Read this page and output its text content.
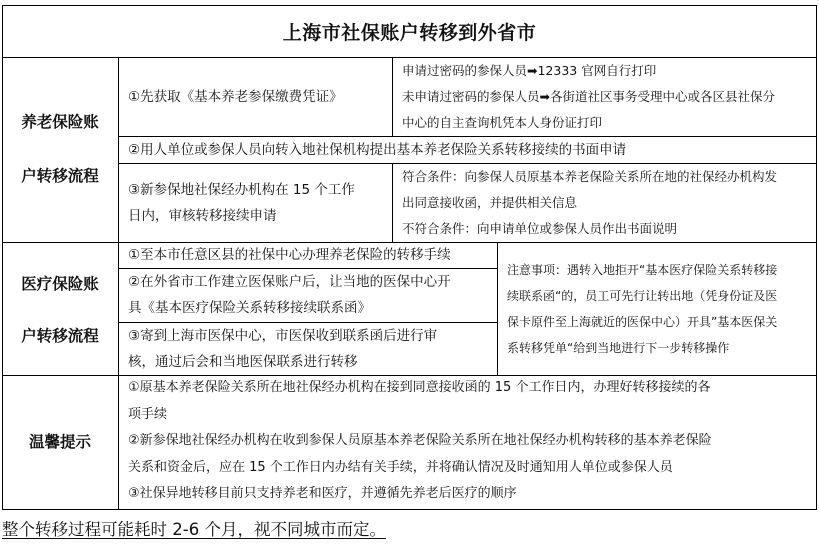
上海市社保账户转移到外省市
养老保险账
户转移流程
①先获取《基本养老参保缴费凭证》
申请过密码的参保人员➡12333 官网自行打印
未申请过密码的参保人员➡各街道社区事务受理中心或各区县社保分
中心的自主查询机凭本人身份证打印
②用人单位或参保人员向转入地社保机构提出基本养老保险关系转移接续的书面申请
③新参保地社保经办机构在 15 个工作
日内，审核转移接续申请
符合条件：向参保人员原基本养老保险关系所在地的社保经办机构发
出同意接收函，并提供相关信息
不符合条件：向申请单位或参保人员作出书面说明
医疗保险账
户转移流程
①至本市任意区县的社保中心办理养老保险的转移手续
②在外省市工作建立医保账户后，让当地的医保中心开
具《基本医疗保险关系转移接续联系函》
③寄到上海市医保中心，市医保收到联系函后进行审
核，通过后会和当地医保联系进行转移
注意事项：遇转入地拒开“基本医疗保险关系转移接
续联系函“的，员工可先行让转出地（凭身份证及医
保卡原件至上海就近的医保中心）开具”基本医保关
系转移凭单“给到当地进行下一步转移操作
温馨提示
①原基本养老保险关系所在地社保经办机构在接到同意接收函的 15 个工作日内，办理好转移接续的各
项手续
②新参保地社保经办机构在收到参保人员原基本养老保险关系所在地社保经办机构转移的基本养老保险
关系和资金后，应在 15 个工作日内办结有关手续，并将确认情况及时通知用人单位或参保人员
③社保异地转移目前只支持养老和医疗，并遵循先养老后医疗的顺序
整个转移过程可能耗时 2-6 个月，视不同城市而定。
